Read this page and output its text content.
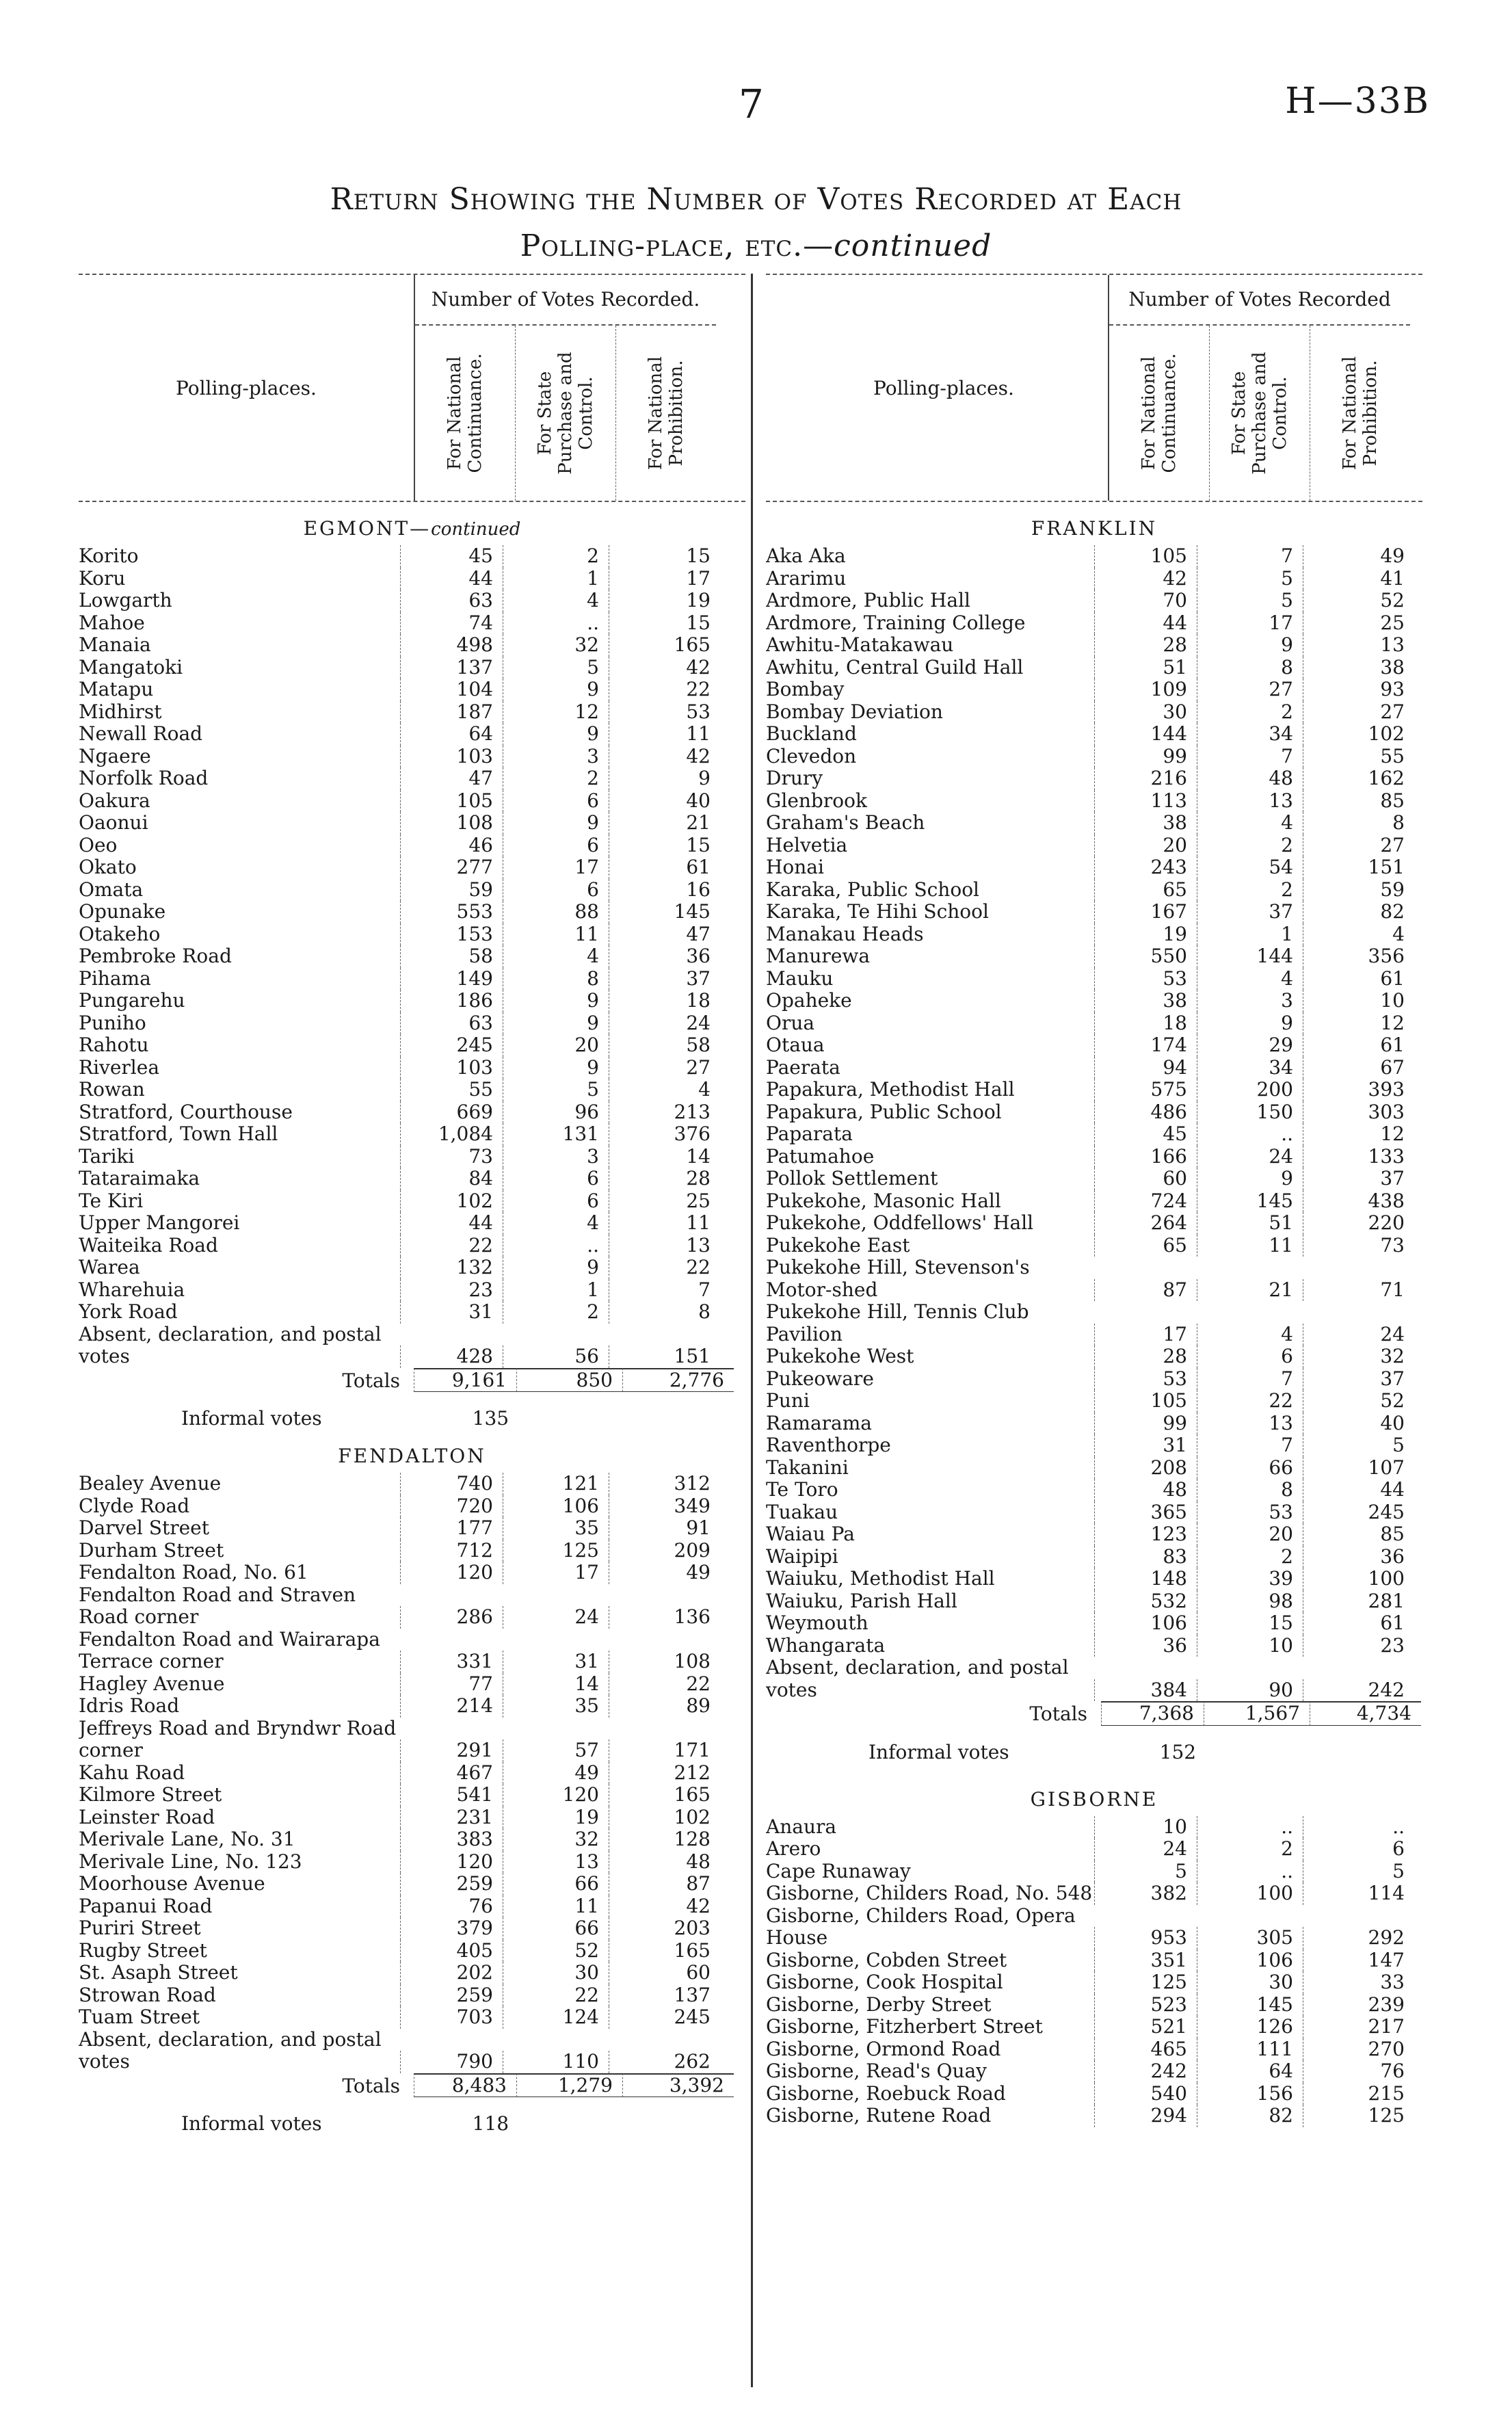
7	H—33B
Return Showing the Number of Votes Recorded at Each
Polling-place, etc.—continued
Polling-places.
Number of Votes Recorded.
For National Continuance.	For State Purchase and Control.	For National Prohibition.
EGMONT—continued
Korito	45	2	15
Koru	44	1	17
Lowgarth	63	4	19
Mahoe	74	..	15
Manaia	498	32	165
Mangatoki	137	5	42
Matapu	104	9	22
Midhirst	187	12	53
Newall Road	64	9	11
Ngaere	103	3	42
Norfolk Road	47	2	9
Oakura	105	6	40
Oaonui	108	9	21
Oeo	46	6	15
Okato	277	17	61
Omata	59	6	16
Opunake	553	88	145
Otakeho	153	11	47
Pembroke Road	58	4	36
Pihama	149	8	37
Pungarehu	186	9	18
Puniho	63	9	24
Rahotu	245	20	58
Riverlea	103	9	27
Rowan	55	5	4
Stratford, Courthouse	669	96	213
Stratford, Town Hall	1,084	131	376
Tariki	73	3	14
Tataraimaka	84	6	28
Te Kiri	102	6	25
Upper Mangorei	44	4	11
Waiteika Road	22	..	13
Warea	132	9	22
Wharehuia	23	1	7
York Road	31	2	8
Absent, declaration, and postal votes	428	56	151
Totals	9,161	850	2,776
Informal votes	135
FENDALTON
Bealey Avenue	740	121	312
Clyde Road	720	106	349
Darvel Street	177	35	91
Durham Street	712	125	209
Fendalton Road, No. 61	120	17	49
Fendalton Road and Straven Road corner	286	24	136
Fendalton Road and Wairarapa Terrace corner	331	31	108
Hagley Avenue	77	14	22
Idris Road	214	35	89
Jeffreys Road and Bryndwr Road corner	291	57	171
Kahu Road	467	49	212
Kilmore Street	541	120	165
Leinster Road	231	19	102
Merivale Lane, No. 31	383	32	128
Merivale Line, No. 123	120	13	48
Moorhouse Avenue	259	66	87
Papanui Road	76	11	42
Puriri Street	379	66	203
Rugby Street	405	52	165
St. Asaph Street	202	30	60
Strowan Road	259	22	137
Tuam Street	703	124	245
Absent, declaration, and postal votes	790	110	262
Totals	8,483	1,279	3,392
Informal votes	118
Polling-places.
Number of Votes Recorded
For National Continuance.	For State Purchase and Control.	For National Prohibition.
FRANKLIN
Aka Aka	105	7	49
Ararimu	42	5	41
Ardmore, Public Hall	70	5	52
Ardmore, Training College	44	17	25
Awhitu-Matakawau	28	9	13
Awhitu, Central Guild Hall	51	8	38
Bombay	109	27	93
Bombay Deviation	30	2	27
Buckland	144	34	102
Clevedon	99	7	55
Drury	216	48	162
Glenbrook	113	13	85
Graham's Beach	38	4	8
Helvetia	20	2	27
Honai	243	54	151
Karaka, Public School	65	2	59
Karaka, Te Hihi School	167	37	82
Manakau Heads	19	1	4
Manurewa	550	144	356
Mauku	53	4	61
Opaheke	38	3	10
Orua	18	9	12
Otaua	174	29	61
Paerata	94	34	67
Papakura, Methodist Hall	575	200	393
Papakura, Public School	486	150	303
Paparata	45	..	12
Patumahoe	166	24	133
Pollok Settlement	60	9	37
Pukekohe, Masonic Hall	724	145	438
Pukekohe, Oddfellows' Hall	264	51	220
Pukekohe East	65	11	73
Pukekohe Hill, Stevenson's Motor-shed	87	21	71
Pukekohe Hill, Tennis Club Pavilion	17	4	24
Pukekohe West	28	6	32
Pukeoware	53	7	37
Puni	105	22	52
Ramarama	99	13	40
Raventhorpe	31	7	5
Takanini	208	66	107
Te Toro	48	8	44
Tuakau	365	53	245
Waiau Pa	123	20	85
Waipipi	83	2	36
Waiuku, Methodist Hall	148	39	100
Waiuku, Parish Hall	532	98	281
Weymouth	106	15	61
Whangarata	36	10	23
Absent, declaration, and postal votes	384	90	242
Totals	7,368	1,567	4,734
Informal votes	152
GISBORNE
Anaura	10	..	..
Arero	24	2	6
Cape Runaway	5	..	5
Gisborne, Childers Road, No. 548	382	100	114
Gisborne, Childers Road, Opera House	953	305	292
Gisborne, Cobden Street	351	106	147
Gisborne, Cook Hospital	125	30	33
Gisborne, Derby Street	523	145	239
Gisborne, Fitzherbert Street	521	126	217
Gisborne, Ormond Road	465	111	270
Gisborne, Read's Quay	242	64	76
Gisborne, Roebuck Road	540	156	215
Gisborne, Rutene Road	294	82	125
